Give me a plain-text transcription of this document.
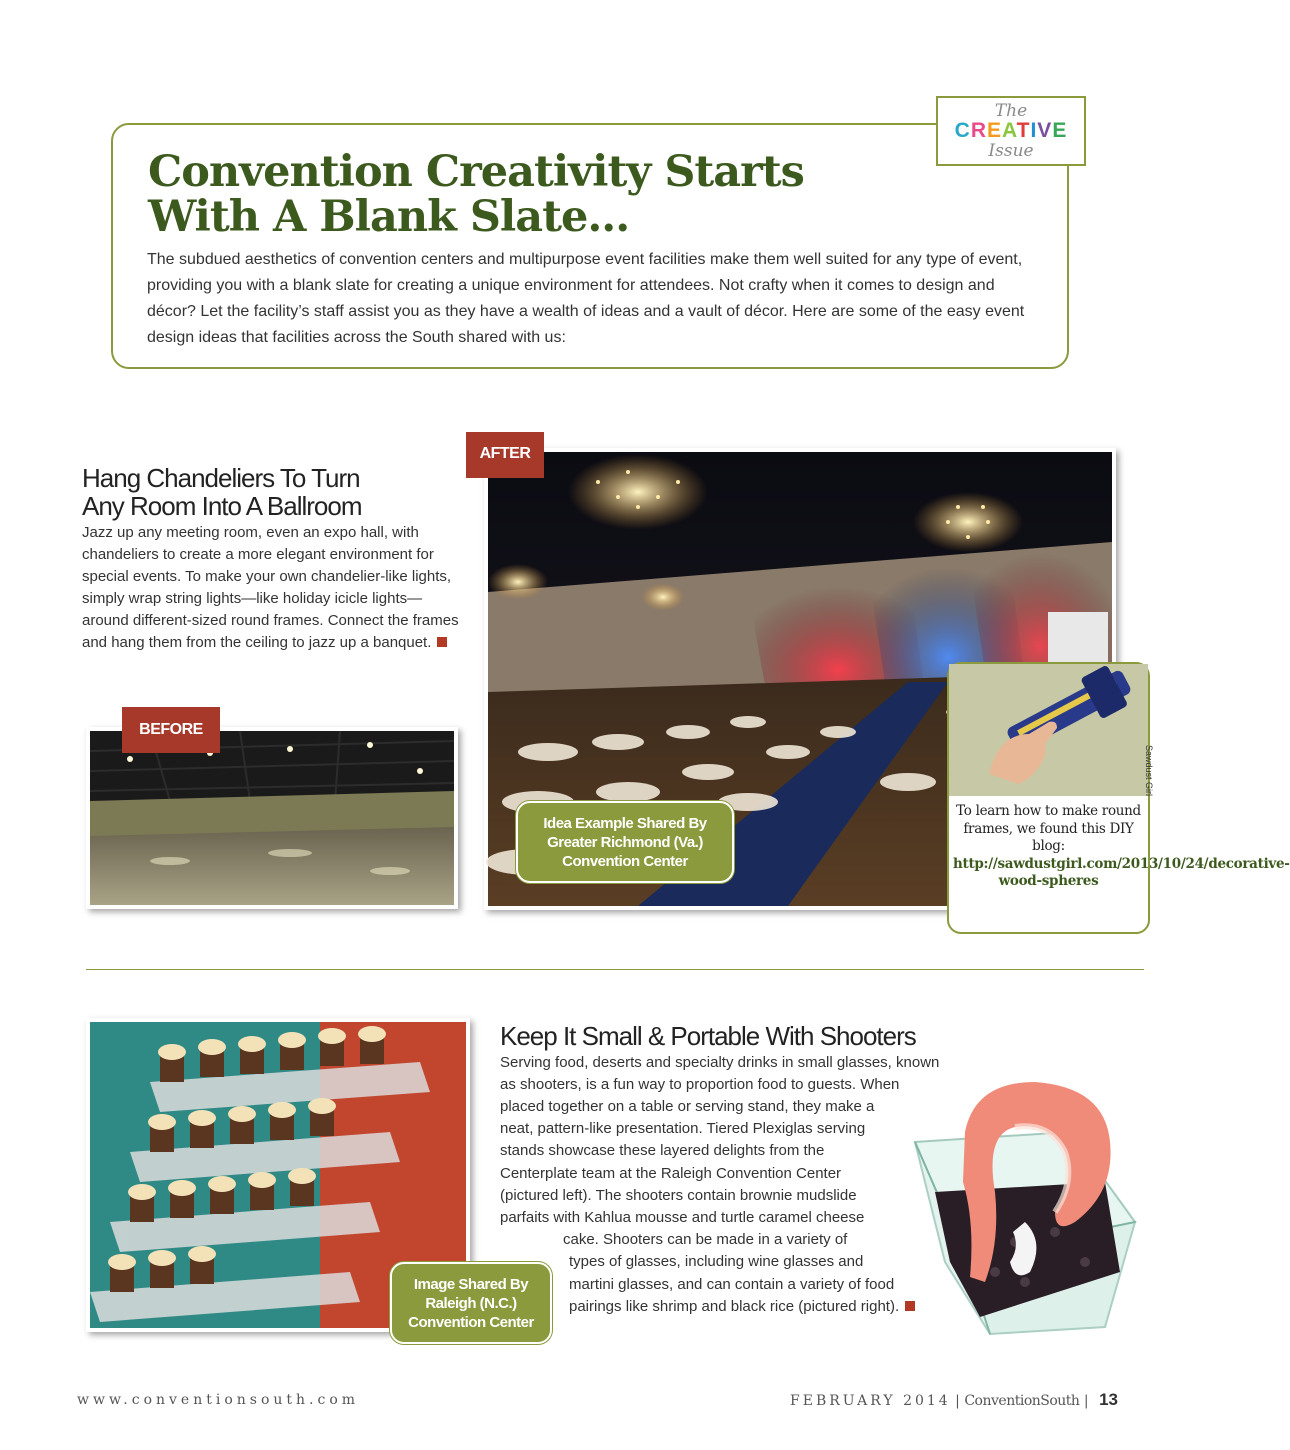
Convention Creativity Starts
With A Blank Slate...

The subdued aesthetics of convention centers and multipurpose event facilities make them well suited for any type of event, providing you with a blank slate for creating a unique environment for attendees. Not crafty when it comes to design and décor? Let the facility’s staff assist you as they have a wealth of ideas and a vault of décor. Here are some of the easy event design ideas that facilities across the South shared with us:

The
CREATIVE
Issue
Hang Chandeliers To Turn
Any Room Into A Ballroom

Jazz up any meeting room, even an expo hall, with chandeliers to create a more elegant environment for special events. To make your own chandelier-like lights, simply wrap string lights—like holiday icicle lights—around different-sized round frames. Connect the frames and hang them from the ceiling to jazz up a banquet.

AFTER
BEFORE
Idea Example Shared By Greater Richmond (Va.) Convention Center

To learn how to make round frames, we found this DIY blog:
http://sawdustgirl.com/2013/10/24/decorative-wood-spheres

Sawdust Girl
Image Shared By Raleigh (N.C.) Convention Center
Keep It Small & Portable With Shooters

Serving food, deserts and specialty drinks in small glasses, known

as shooters, is a fun way to proportion food to guests. When

placed together on a table or serving stand, they make a

neat, pattern-like presentation. Tiered Plexiglas serving

stands showcase these layered delights from the

Centerplate team at the Raleigh Convention Center

(pictured left). The shooters contain brownie mudslide

parfaits with Kahlua mousse and turtle caramel cheese

cake. Shooters can be made in a variety of

types of glasses, including wine glasses and

martini glasses, and can contain a variety of food

pairings like shrimp and black rice (pictured right).

www.conventionsouth.com	FEBRUARY 2014 | ConventionSouth | 13
